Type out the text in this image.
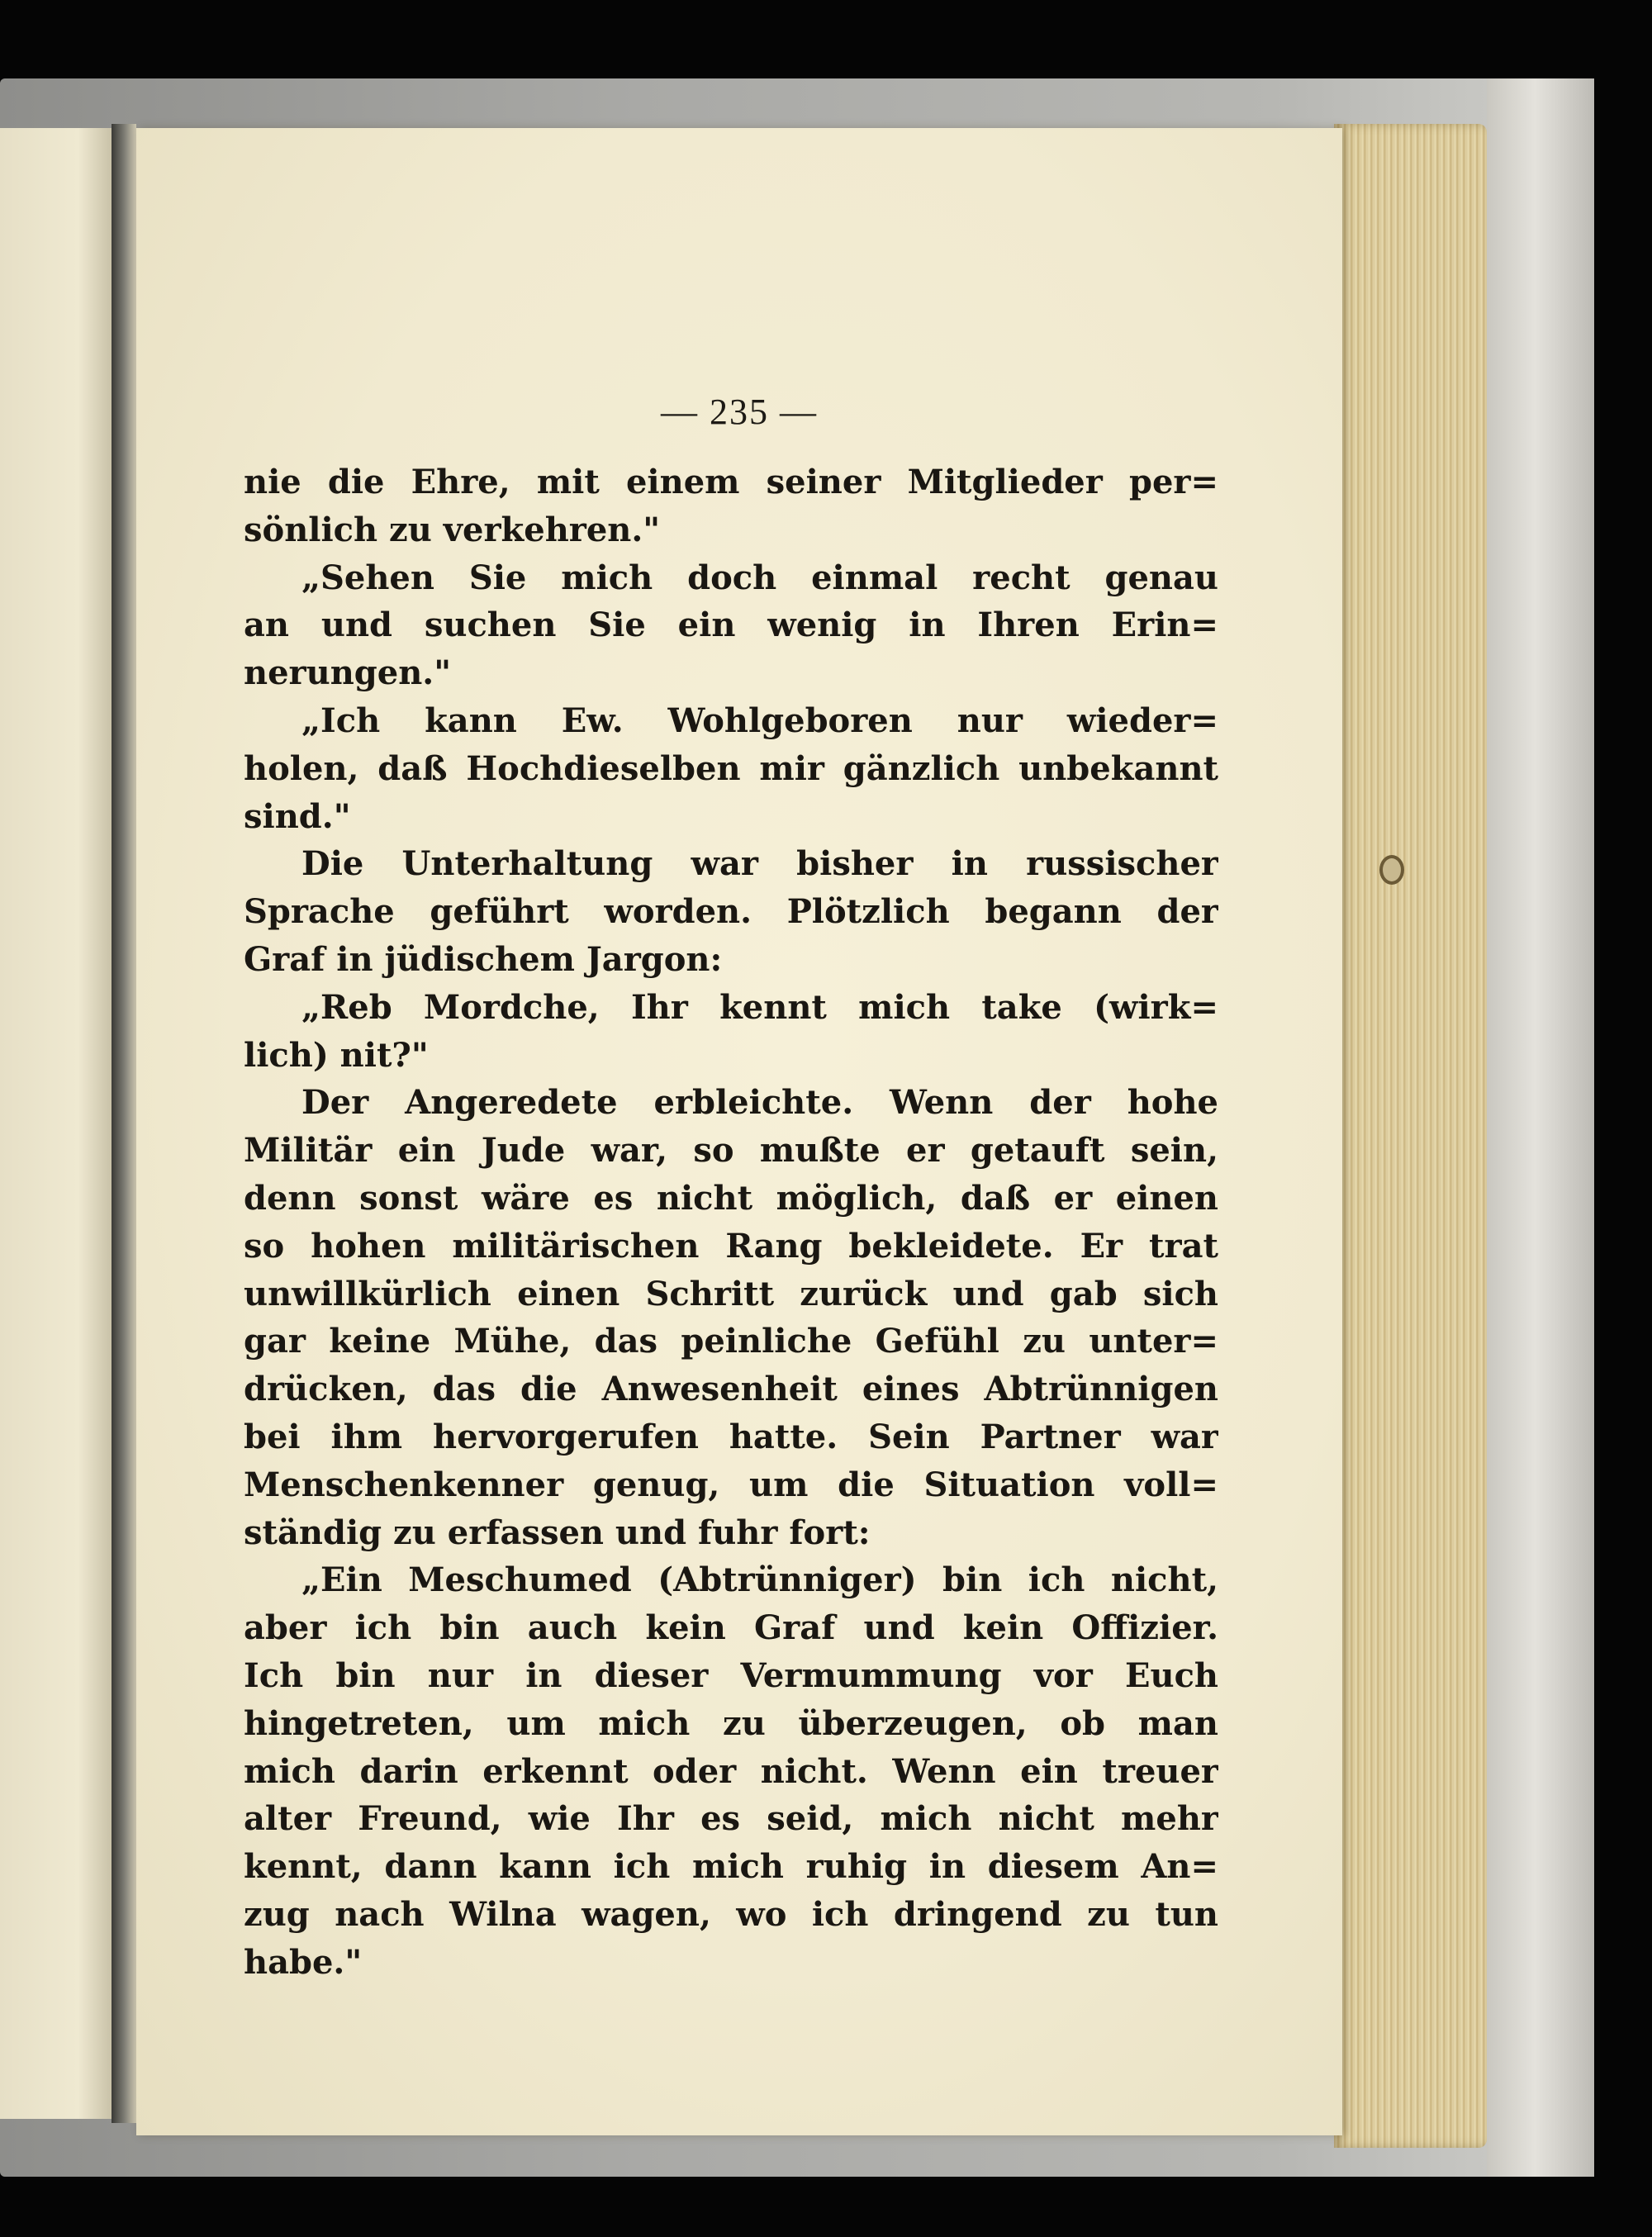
— 235 —
nie die Ehre, mit einem seiner Mitglieder per=
sönlich zu verkehren."
„Sehen Sie mich doch einmal recht genau
an und suchen Sie ein wenig in Ihren Erin=
nerungen."
„Ich kann Ew. Wohlgeboren nur wieder=
holen, daß Hochdieselben mir gänzlich unbekannt
sind."
Die Unterhaltung war bisher in russischer
Sprache geführt worden. Plötzlich begann der
Graf in jüdischem Jargon:
„Reb Mordche, Ihr kennt mich take (wirk=
lich) nit?"
Der Angeredete erbleichte. Wenn der hohe
Militär ein Jude war, so mußte er getauft sein,
denn sonst wäre es nicht möglich, daß er einen
so hohen militärischen Rang bekleidete. Er trat
unwillkürlich einen Schritt zurück und gab sich
gar keine Mühe, das peinliche Gefühl zu unter=
drücken, das die Anwesenheit eines Abtrünnigen
bei ihm hervorgerufen hatte. Sein Partner war
Menschenkenner genug, um die Situation voll=
ständig zu erfassen und fuhr fort:
„Ein Meschumed (Abtrünniger) bin ich nicht,
aber ich bin auch kein Graf und kein Offizier.
Ich bin nur in dieser Vermummung vor Euch
hingetreten, um mich zu überzeugen, ob man
mich darin erkennt oder nicht. Wenn ein treuer
alter Freund, wie Ihr es seid, mich nicht mehr
kennt, dann kann ich mich ruhig in diesem An=
zug nach Wilna wagen, wo ich dringend zu tun
habe."
